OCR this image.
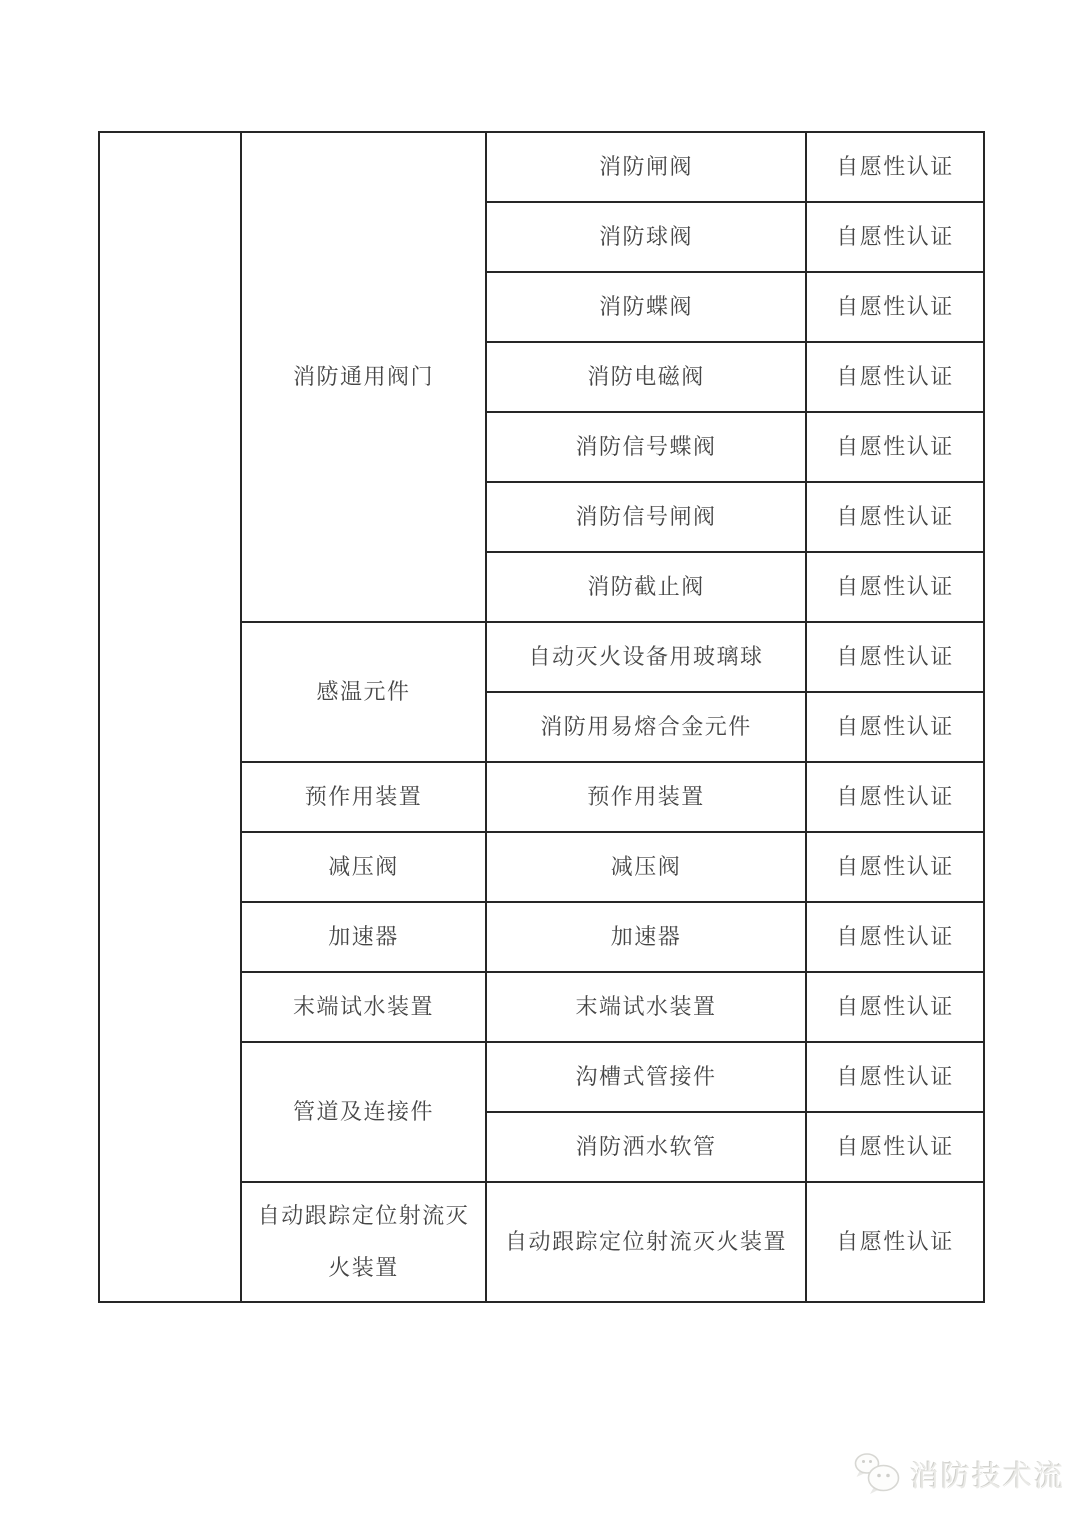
	消防通用阀门	消防闸阀	自愿性认证
		消防球阀	自愿性认证
		消防蝶阀	自愿性认证
		消防电磁阀	自愿性认证
		消防信号蝶阀	自愿性认证
		消防信号闸阀	自愿性认证
		消防截止阀	自愿性认证
	感温元件	自动灭火设备用玻璃球	自愿性认证
		消防用易熔合金元件	自愿性认证
	预作用装置	预作用装置	自愿性认证
	减压阀	减压阀	自愿性认证
	加速器	加速器	自愿性认证
	末端试水装置	末端试水装置	自愿性认证
	管道及连接件	沟槽式管接件	自愿性认证
		消防洒水软管	自愿性认证
	自动跟踪定位射流灭火装置	自动跟踪定位射流灭火装置	自愿性认证
消防技术流
